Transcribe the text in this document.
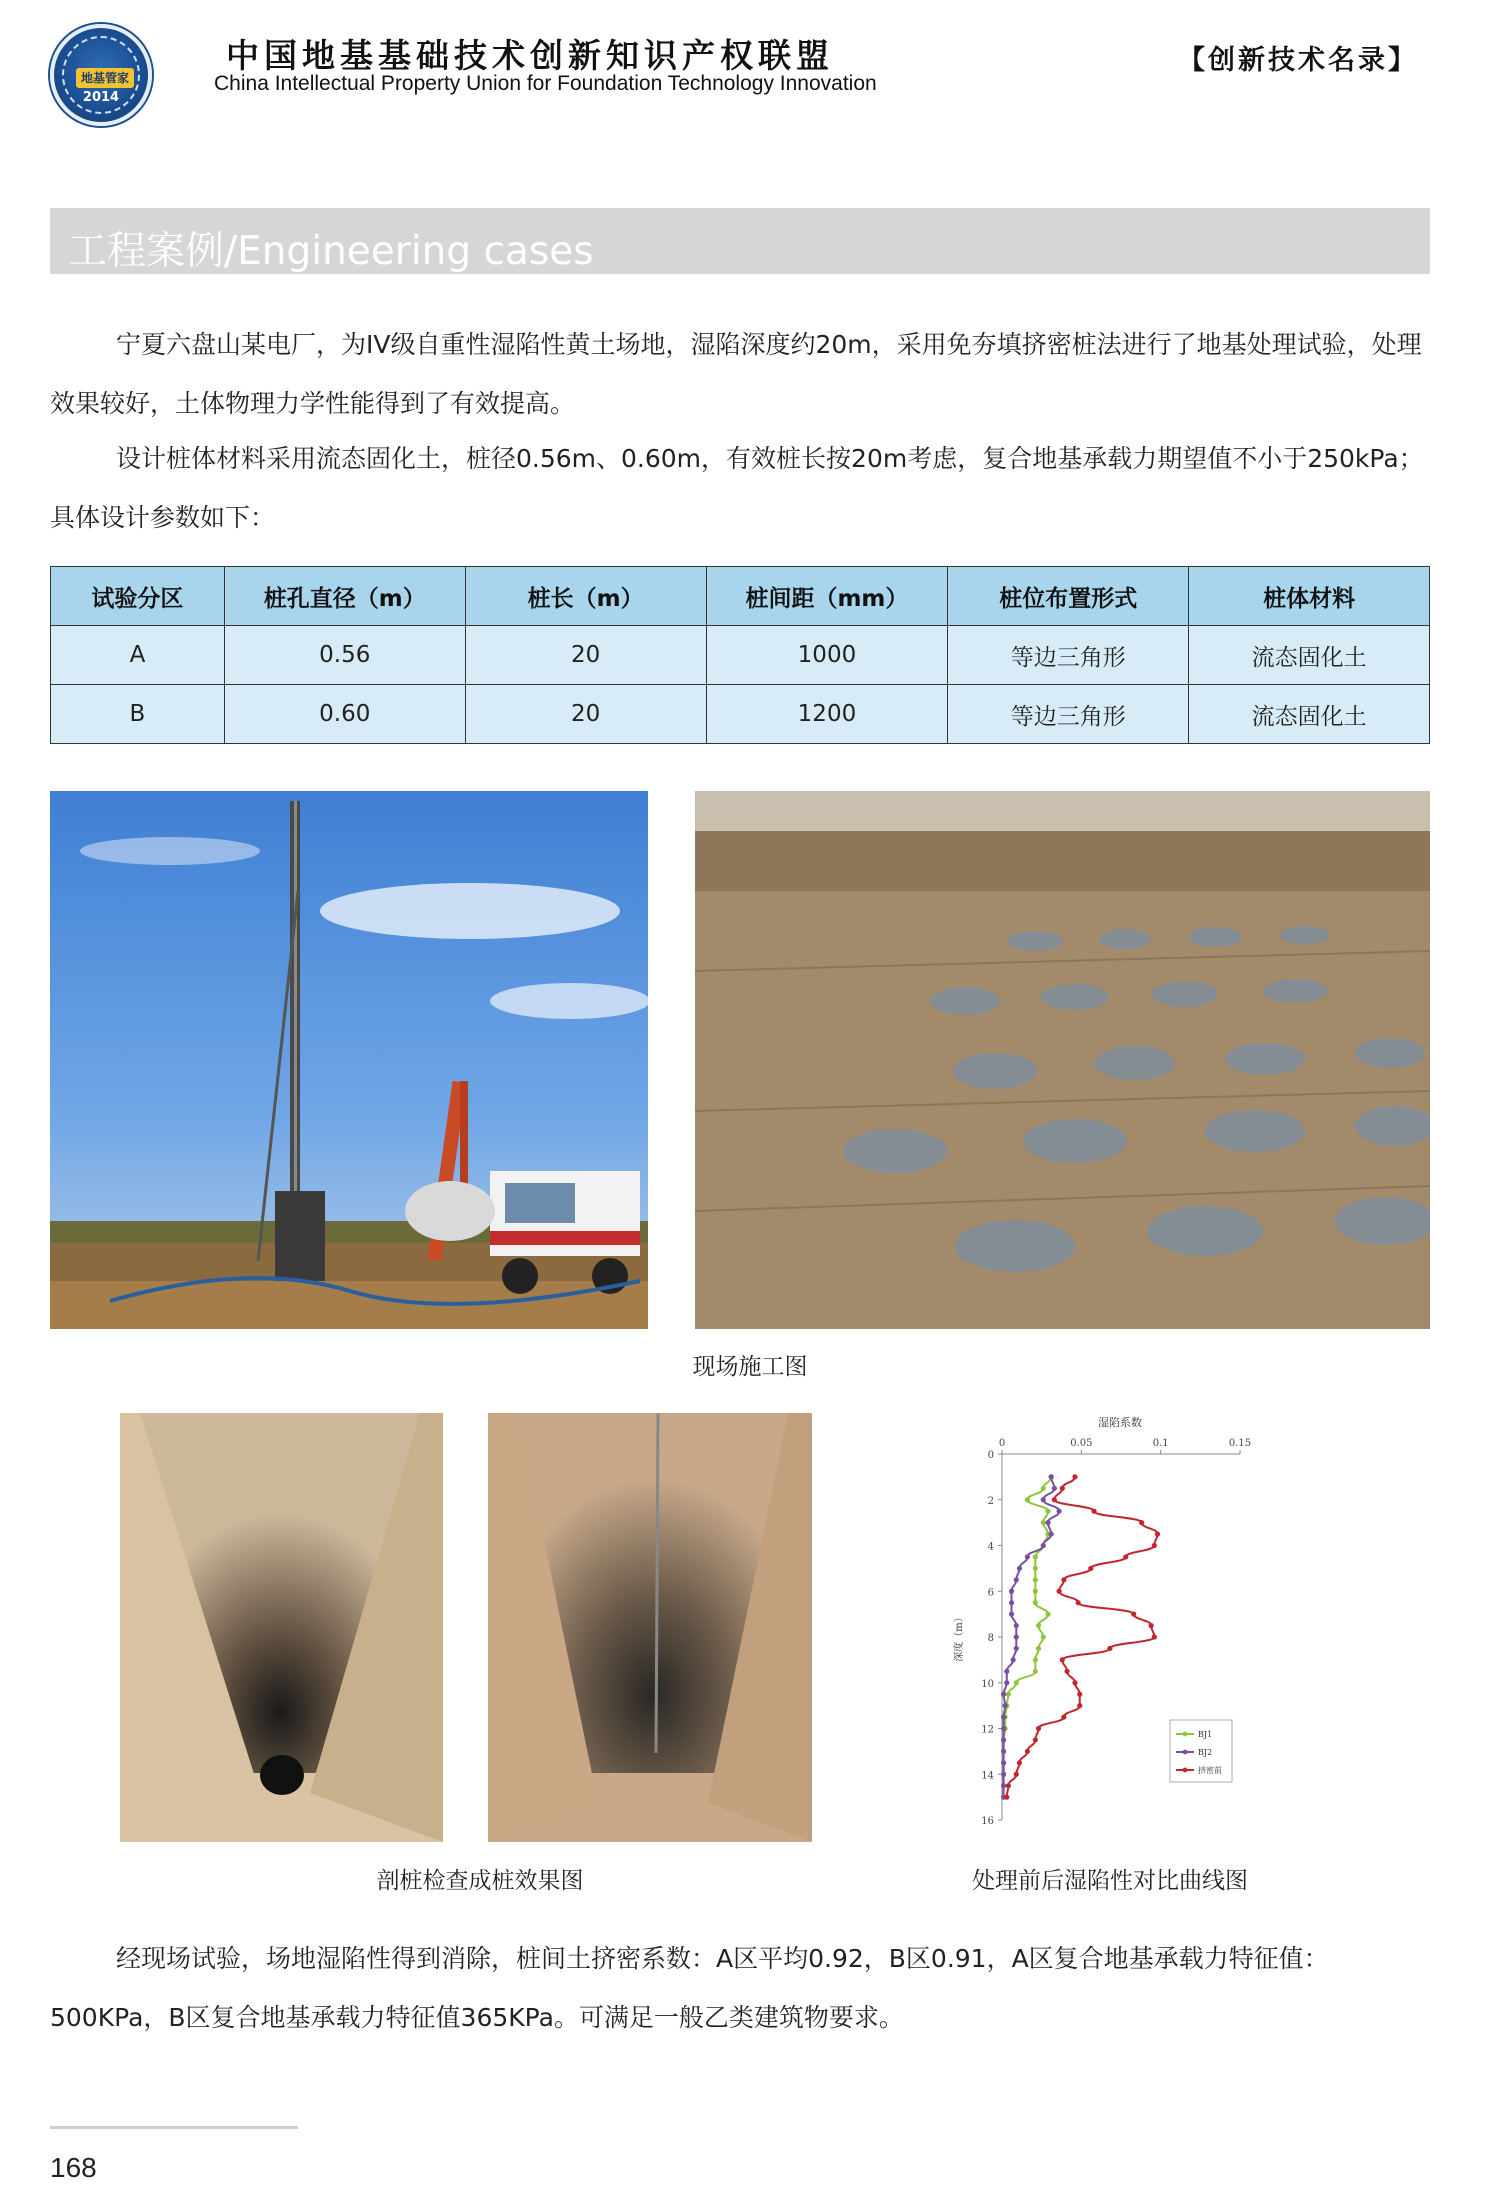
地基管家
2014
中国地基基础技术创新知识产权联盟
China Intellectual Property Union for Foundation Technology Innovation
【创新技术名录】
工程案例/Engineering cases

宁夏六盘山某电厂，为IV级自重性湿陷性黄土场地，湿陷深度约20m，采用免夯填挤密桩法进行了地基处理试验，处理效果较好，土体物理力学性能得到了有效提高。

设计桩体材料采用流态固化土，桩径0.56m、0.60m，有效桩长按20m考虑，复合地基承载力期望值不小于250kPa；具体设计参数如下：

试验分区	桩孔直径（m）	桩长（m）	桩间距（mm）	桩位布置形式	桩体材料
A	0.56	20	1000	等边三角形	流态固化土
B	0.60	20	1200	等边三角形	流态固化土
现场施工图
剖桩检查成桩效果图
湿陷系数
0	0.05	0.1	0.15
0
2
4
6
8
10
12
14
16
深度（m）
BJ1
BJ2
挤密前
处理前后湿陷性对比曲线图

经现场试验，场地湿陷性得到消除，桩间土挤密系数：A区平均0.92，B区0.91，A区复合地基承载力特征值：500KPa，B区复合地基承载力特征值365KPa。可满足一般乙类建筑物要求。

168
